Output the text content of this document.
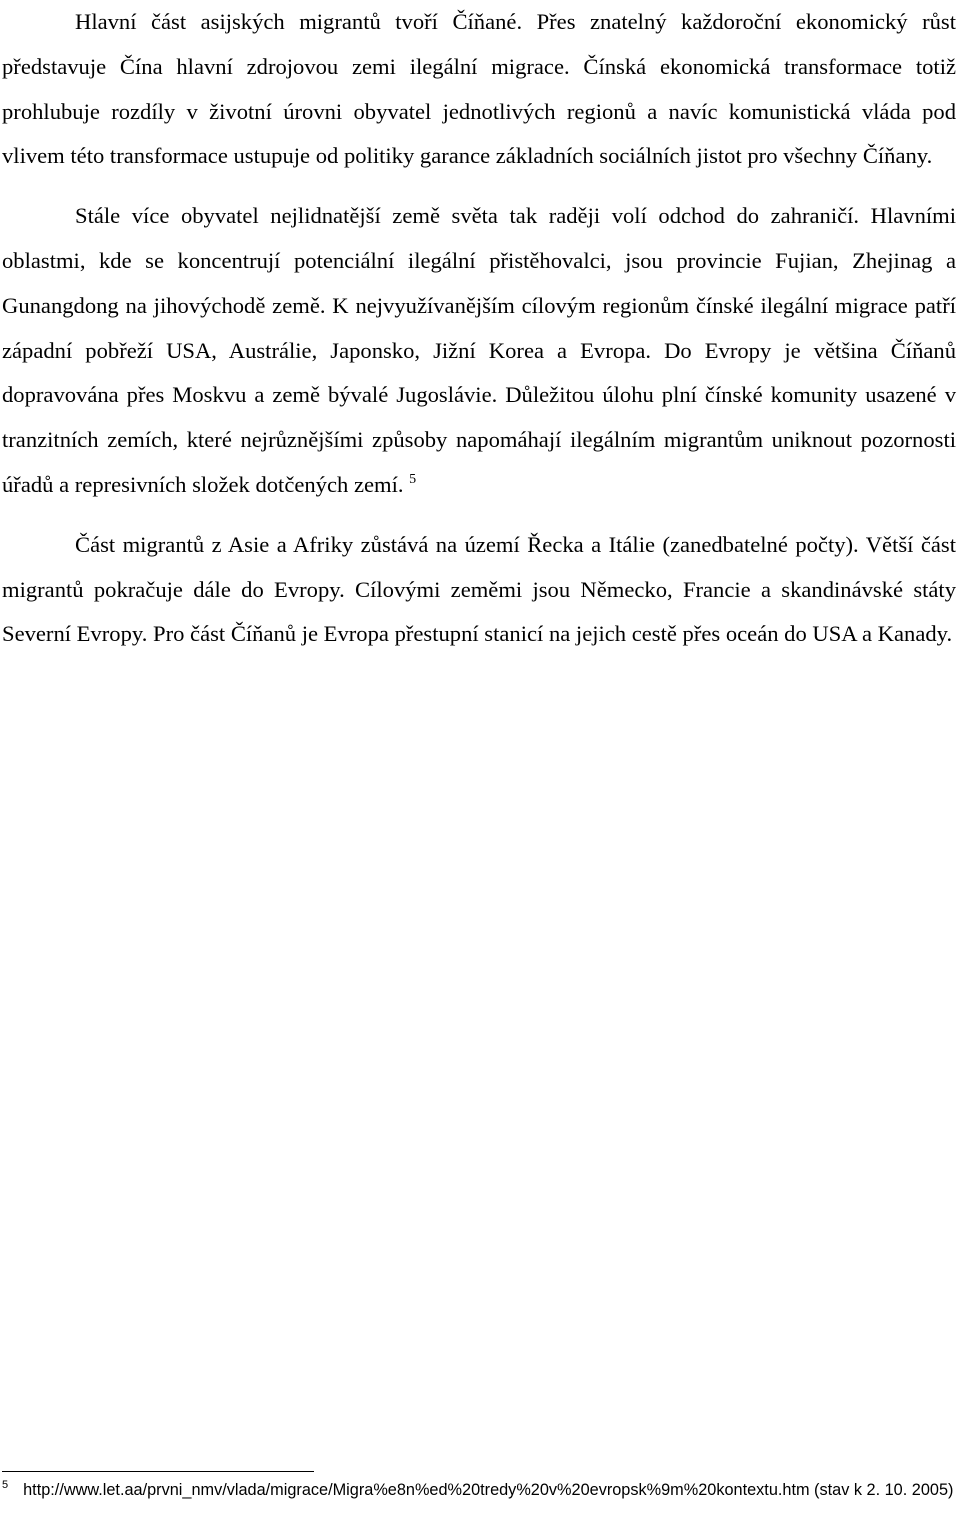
Hlavní část asijských migrantů tvoří Číňané. Přes znatelný každoroční ekonomický růst představuje Čína hlavní zdrojovou zemi ilegální migrace. Čínská ekonomická transformace totiž prohlubuje rozdíly v životní úrovni obyvatel jednotlivých regionů a navíc komunistická vláda pod vlivem této transformace ustupuje od politiky garance základních sociálních jistot pro všechny Číňany.

Stále více obyvatel nejlidnatější země světa tak raději volí odchod do zahraničí. Hlavními oblastmi, kde se koncentrují potenciální ilegální přistěhovalci, jsou provincie Fujian, Zhejinag a Gunangdong na jihovýchodě země. K nejvyužívanějším cílovým regionům čínské ilegální migrace patří západní pobřeží USA, Austrálie, Japonsko, Jižní Korea a Evropa. Do Evropy je většina Číňanů dopravována přes Moskvu a země bývalé Jugoslávie. Důležitou úlohu plní čínské komunity usazené v tranzitních zemích, které nejrůznějšími způsoby napomáhají ilegálním migrantům uniknout pozornosti úřadů a represivních složek dotčených zemí. $^5$

Část migrantů z Asie a Afriky zůstává na území Řecka a Itálie (zanedbatelné počty). Větší část migrantů pokračuje dále do Evropy. Cílovými zeměmi jsou Německo, Francie a skandinávské státy Severní Evropy. Pro část Číňanů je Evropa přestupní stanicí na jejich cestě přes oceán do USA a Kanady.

$^5$ http://www.let.aa/prvni_nmv/vlada/migrace/Migra%e8n%ed%20tredy%20v%20evropsk%9m%20kontextu.htm (stav k 2. 10. 2005)
